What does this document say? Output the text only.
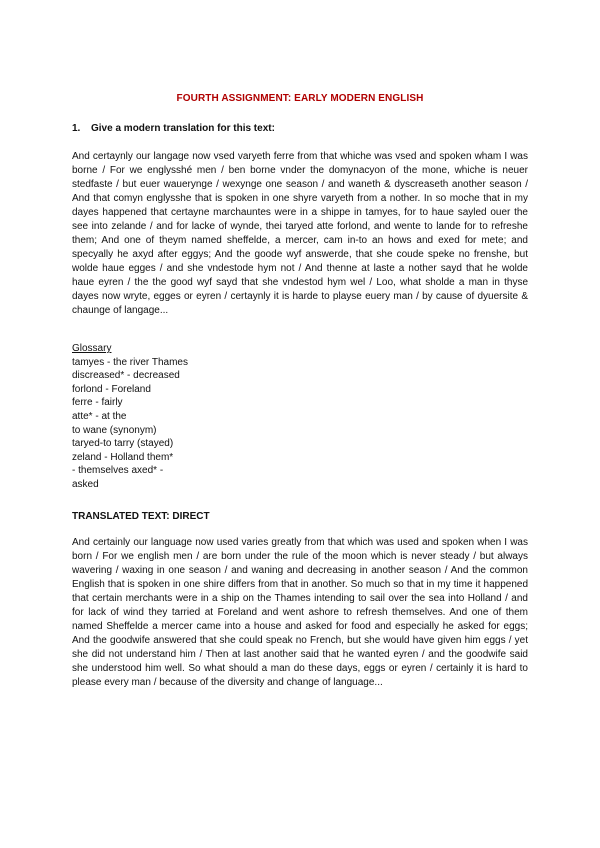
FOURTH ASSIGNMENT: EARLY MODERN ENGLISH
1. Give a modern translation for this text:

And certaynly our langage now vsed varyeth ferre from that whiche was vsed and spoken wham I was borne / For we englysshé men / ben borne vnder the domynacyon of the mone, whiche is neuer stedfaste / but euer wauerynge / wexynge one season / and waneth & dyscreaseth another season / And that comyn englysshe that is spoken in one shyre varyeth from a nother. In so moche that in my dayes happened that certayne marchauntes were in a shippe in tamyes, for to haue sayled ouer the see into zelande / and for lacke of wynde, thei taryed atte forlond, and wente to lande for to refreshe them; And one of theym named sheffelde, a mercer, cam in-to an hows and exed for mete; and specyally he axyd after eggys; And the goode wyf answerde, that she coude speke no frenshe, but wolde haue egges / and she vndestode hym not / And thenne at laste a nother sayd that he wolde haue eyren / the the good wyf sayd that she vndestod hym wel / Loo, what sholde a man in thyse dayes now wryte, egges or eyren / certaynly it is harde to playse euery man / by cause of dyuersite & chaunge of langage...

Glossary
tamyes - the river Thames
discreased* - decreased
forlond - Foreland
ferre - fairly
atte* - at the
to wane (synonym)
taryed-to tarry (stayed)
zeland - Holland them*
- themselves axed* -
asked
TRANSLATED TEXT: DIRECT

And certainly our language now used varies greatly from that which was used and spoken when I was born / For we english men / are born under the rule of the moon which is never steady / but always wavering / waxing in one season / and waning and decreasing in another season / And the common English that is spoken in one shire differs from that in another. So much so that in my time it happened that certain merchants were in a ship on the Thames intending to sail over the sea into Holland / and for lack of wind they tarried at Foreland and went ashore to refresh themselves. And one of them named Sheffelde a mercer came into a house and asked for food and especially he asked for eggs; And the goodwife answered that she could speak no French, but she would have given him eggs / yet she did not understand him / Then at last another said that he wanted eyren / and the goodwife said she understood him well. So what should a man do these days, eggs or eyren / certainly it is hard to please every man / because of the diversity and change of language...
